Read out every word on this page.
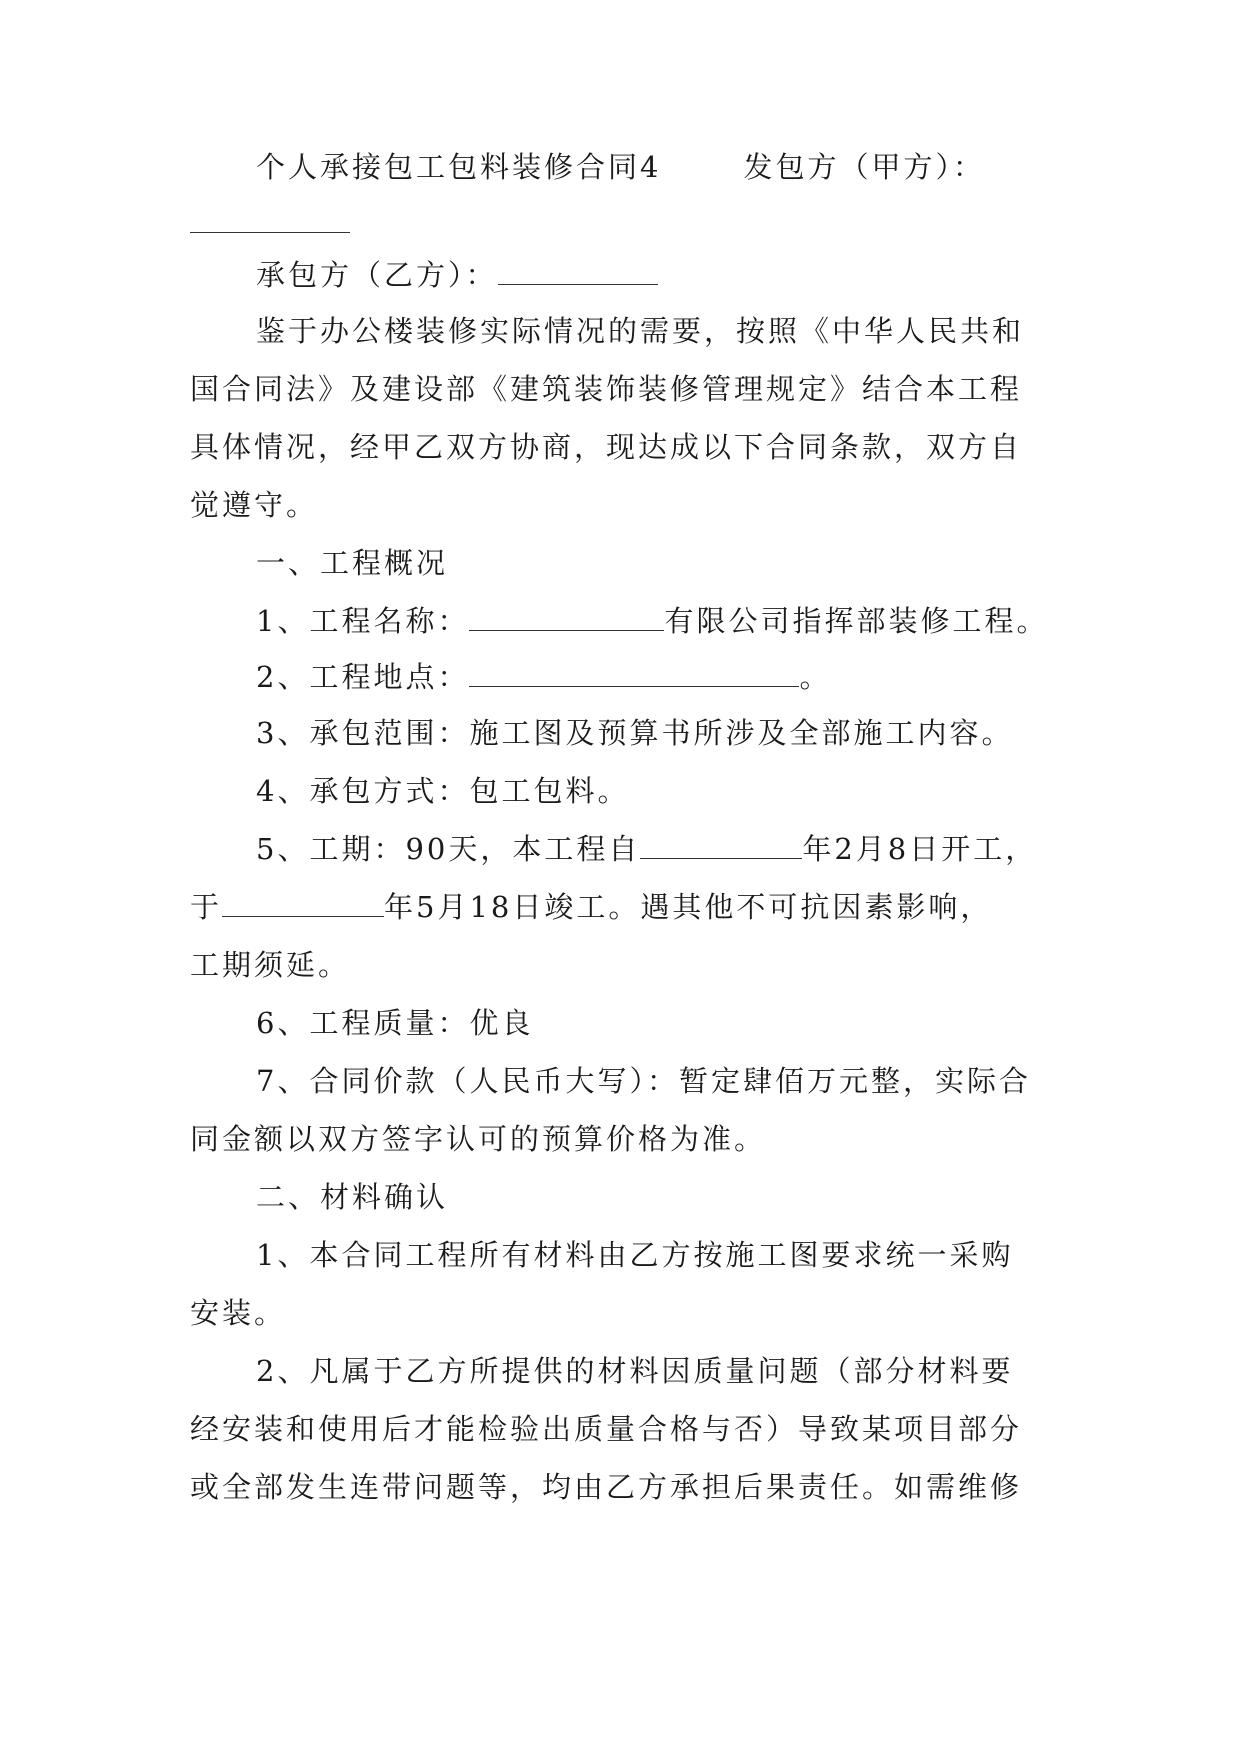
个人承接包工包料装修合同4	发包方（甲方）：
承包方（乙方）：
鉴于办公楼装修实际情况的需要，按照《中华人民共和
国合同法》及建设部《建筑装饰装修管理规定》结合本工程
具体情况，经甲乙双方协商，现达成以下合同条款，双方自
觉遵守。
一、工程概况
1、工程名称：	有限公司指挥部装修工程。
2、工程地点：	。
3、承包范围：施工图及预算书所涉及全部施工内容。
4、承包方式：包工包料。
5、工期：90天，本工程自	年2月8日开工，
于	年5月18日竣工。遇其他不可抗因素影响，
工期须延。
6、工程质量：优良
7、合同价款（人民币大写）：暂定肆佰万元整，实际合
同金额以双方签字认可的预算价格为准。
二、材料确认
1、本合同工程所有材料由乙方按施工图要求统一采购
安装。
2、凡属于乙方所提供的材料因质量问题（部分材料要
经安装和使用后才能检验出质量合格与否）导致某项目部分
或全部发生连带问题等，均由乙方承担后果责任。如需维修
